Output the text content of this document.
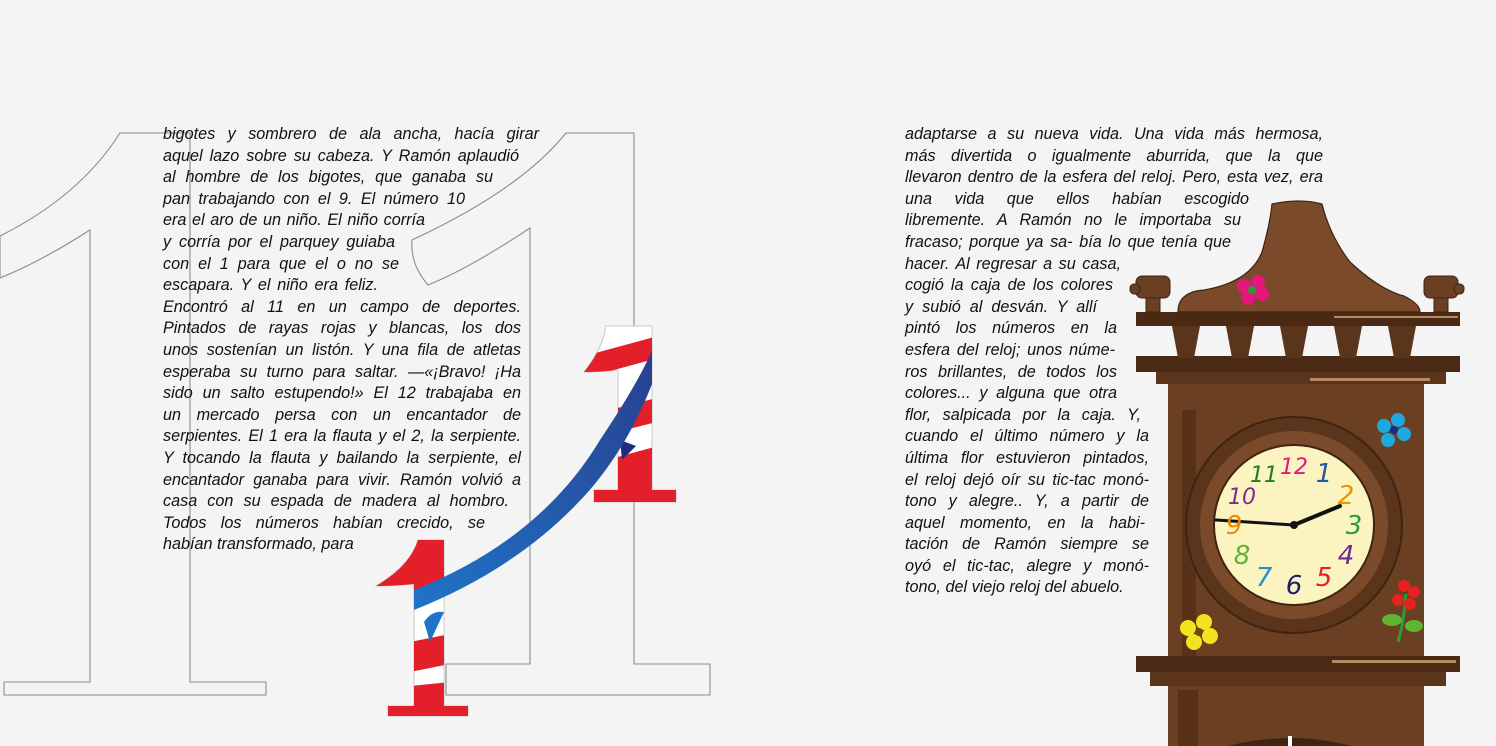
12 1
2
3
4
5
6
7
8
9
10
11
bigotes y sombrero de ala ancha, hacía girar
aquel lazo sobre su cabeza. Y Ramón aplaudió
al hombre de los bigotes, que ganaba su
pan trabajando con el 9. El número 10
era el aro de un niño. El niño corría
y corría por el parquey guiaba
con el 1 para que el o no se
escapara. Y el niño era feliz.
Encontró al 11 en un campo de deportes.
Pintados de rayas rojas y blancas, los dos
unos sostenían un listón. Y una fila de atletas
esperaba su turno para saltar. —«¡Bravo! ¡Ha
sido un salto estupendo!» El 12 trabajaba en
un mercado persa con un encantador de
serpientes. El 1 era la flauta y el 2, la serpiente.
Y tocando la flauta y bailando la serpiente, el
encantador ganaba para vivir. Ramón volvió a
casa con su espada de madera al hombro.
Todos los números habían crecido, se
habían transformado, para
adaptarse a su nueva vida. Una vida más hermosa,
más divertida o igualmente aburrida, que la que
llevaron dentro de la esfera del reloj. Pero, esta vez, era
una vida que ellos habían escogido
libremente. A Ramón no le importaba su
fracaso; porque ya sa- bía lo que tenía que
hacer. Al regresar a su casa,
cogió la caja de los colores
y subió al desván. Y allí
pintó los números en la
esfera del reloj; unos núme-
ros brillantes, de todos los
colores... y alguna que otra
flor, salpicada por la caja. Y,
cuando el último número y la
última flor estuvieron pintados,
el reloj dejó oír su tic-tac monó-
tono y alegre.. Y, a partir de
aquel momento, en la habi-
tación de Ramón siempre se
oyó el tic-tac, alegre y monó-
tono, del viejo reloj del abuelo.
